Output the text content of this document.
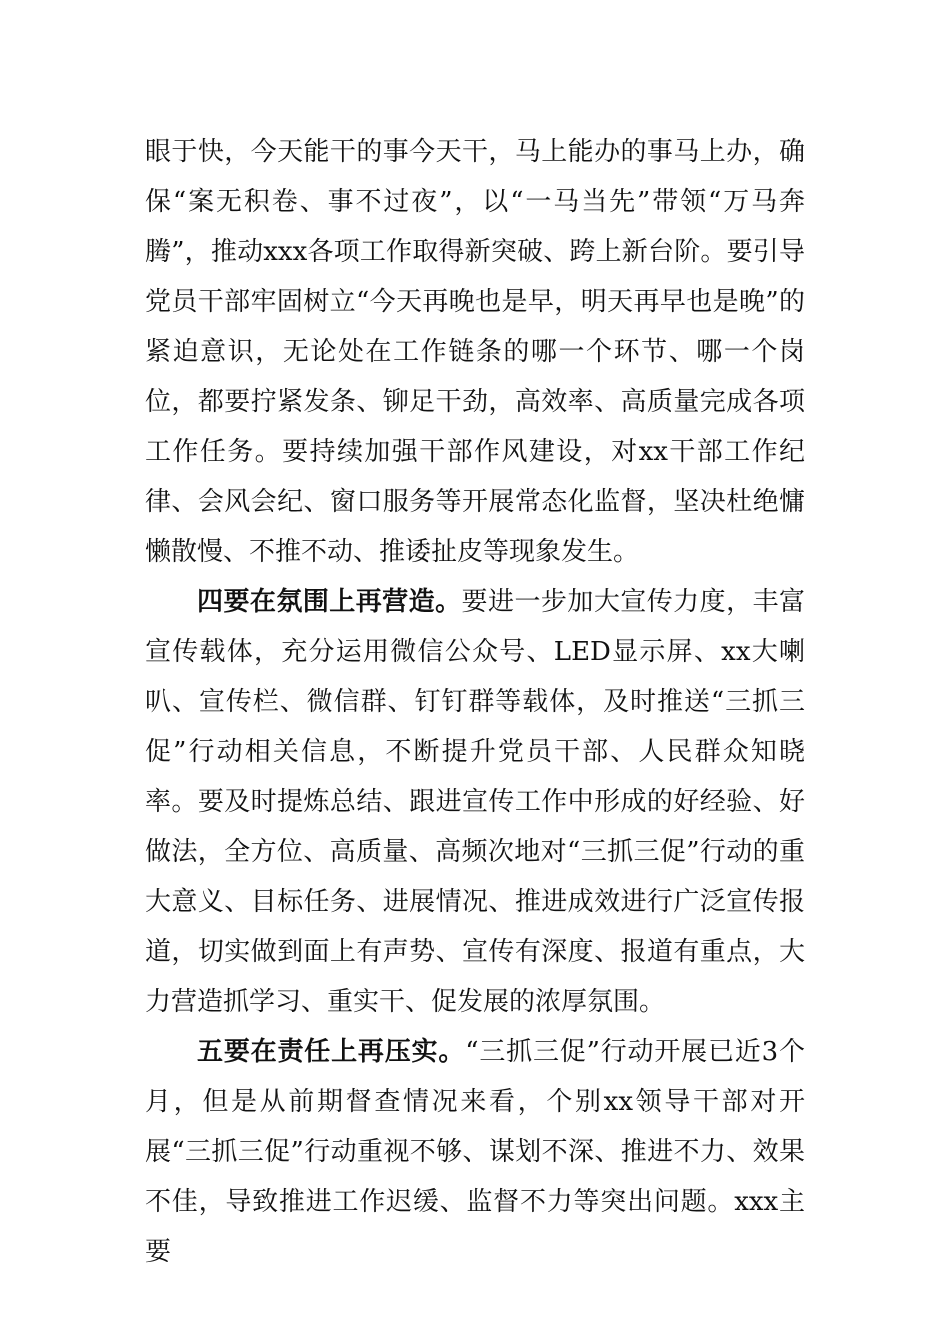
眼于快，今天能干的事今天干，马上能办的事马上办，确保“案无积卷、事不过夜”，以“一马当先”带领“万马奔腾”，推动xxx各项工作取得新突破、跨上新台阶。要引导党员干部牢固树立“今天再晚也是早，明天再早也是晚”的紧迫意识，无论处在工作链条的哪一个环节、哪一个岗位，都要拧紧发条、铆足干劲，高效率、高质量完成各项工作任务。要持续加强干部作风建设，对xx干部工作纪律、会风会纪、窗口服务等开展常态化监督，坚决杜绝慵懒散慢、不推不动、推诿扯皮等现象发生。

四要在氛围上再营造。要进一步加大宣传力度，丰富宣传载体，充分运用微信公众号、LED显示屏、xx大喇叭、宣传栏、微信群、钉钉群等载体，及时推送“三抓三促”行动相关信息，不断提升党员干部、人民群众知晓率。要及时提炼总结、跟进宣传工作中形成的好经验、好做法，全方位、高质量、高频次地对“三抓三促”行动的重大意义、目标任务、进展情况、推进成效进行广泛宣传报道，切实做到面上有声势、宣传有深度、报道有重点，大力营造抓学习、重实干、促发展的浓厚氛围。

五要在责任上再压实。“三抓三促”行动开展已近3个月，但是从前期督查情况来看，个别xx领导干部对开展“三抓三促”行动重视不够、谋划不深、推进不力、效果不佳，导致推进工作迟缓、监督不力等突出问题。xxx主要
